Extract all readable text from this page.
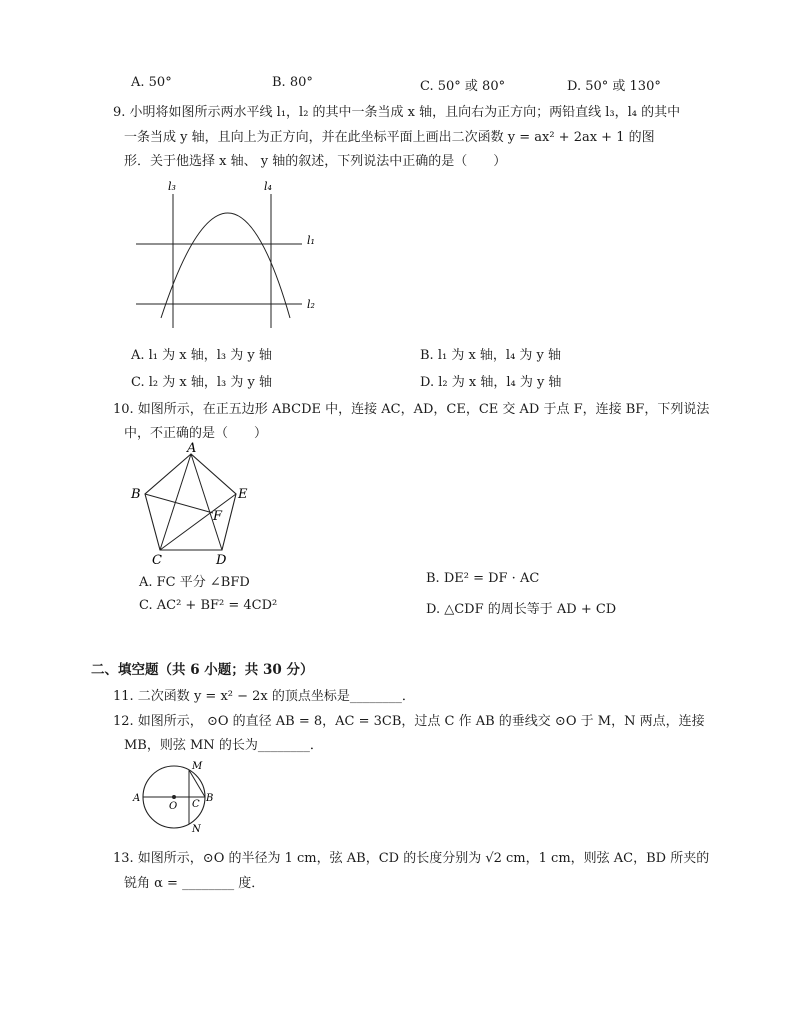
A. 50°	B. 80°	C. 50° 或 80°	D. 50° 或 130°
9. 小明将如图所示两水平线 l₁，l₂ 的其中一条当成 x 轴，且向右为正方向；两铅直线 l₃，l₄ 的其中
一条当成 y 轴，且向上为正方向，并在此坐标平面上画出二次函数 y = ax² + 2ax + 1 的图
形．关于他选择 x 轴、 y 轴的叙述，下列说法中正确的是（　　）
l₃	l₄
l₁
l₂
A. l₁ 为 x 轴，l₃ 为 y 轴	B. l₁ 为 x 轴，l₄ 为 y 轴
C. l₂ 为 x 轴，l₃ 为 y 轴	D. l₂ 为 x 轴，l₄ 为 y 轴
10. 如图所示，在正五边形 ABCDE 中，连接 AC，AD，CE，CE 交 AD 于点 F，连接 BF，下列说法
中，不正确的是（　　）
A
B
C	D
E
F
A. FC 平分 ∠BFD	B. DE² = DF · AC
C. AC² + BF² = 4CD²	D. △CDF 的周长等于 AD + CD
二、填空题（共 6 小题；共 30 分）
11. 二次函数 y = x² − 2x 的顶点坐标是________．
12. 如图所示， ⊙O 的直径 AB = 8，AC = 3CB，过点 C 作 AB 的垂线交 ⊙O 于 M，N 两点，连接
MB，则弦 MN 的长为________．
A
O C
B
M
N
13. 如图所示，⊙O 的半径为 1 cm，弦 AB，CD 的长度分别为 √2 cm，1 cm，则弦 AC，BD 所夹的
锐角 α = ________ 度．
